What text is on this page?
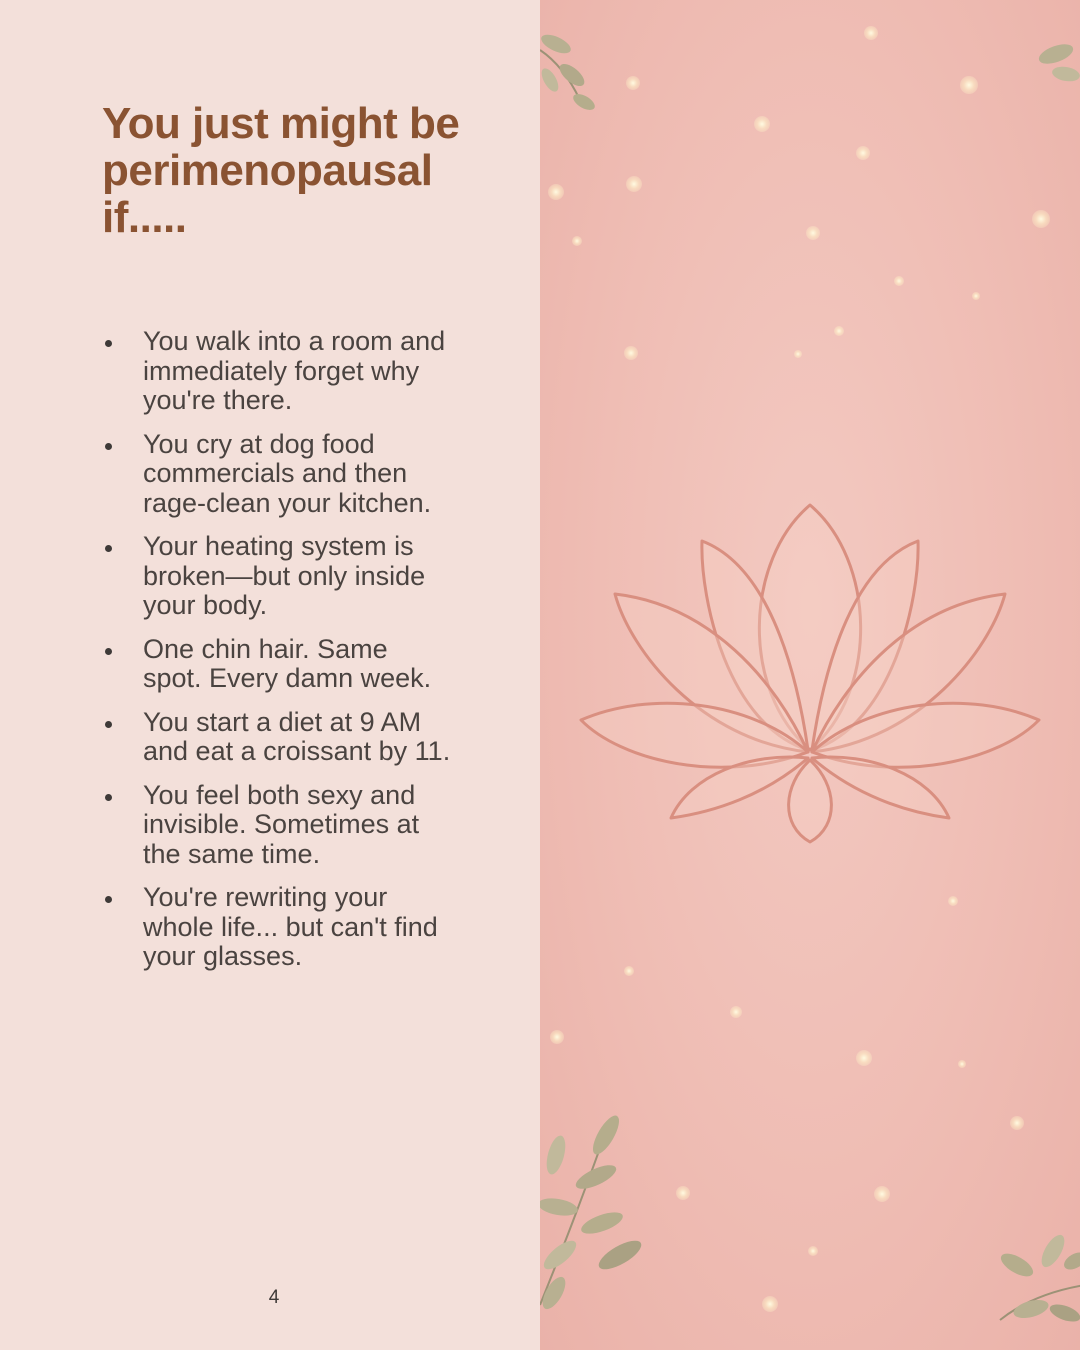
You just might be perimenopausal if.....
You walk into a room and immediately forget why you're there.
You cry at dog food commercials and then rage-clean your kitchen.
Your heating system is broken—but only inside your body.
One chin hair. Same spot. Every damn week.
You start a diet at 9 AM and eat a croissant by 11.
You feel both sexy and invisible. Sometimes at the same time.
You're rewriting your whole life... but can't find your glasses.
4
